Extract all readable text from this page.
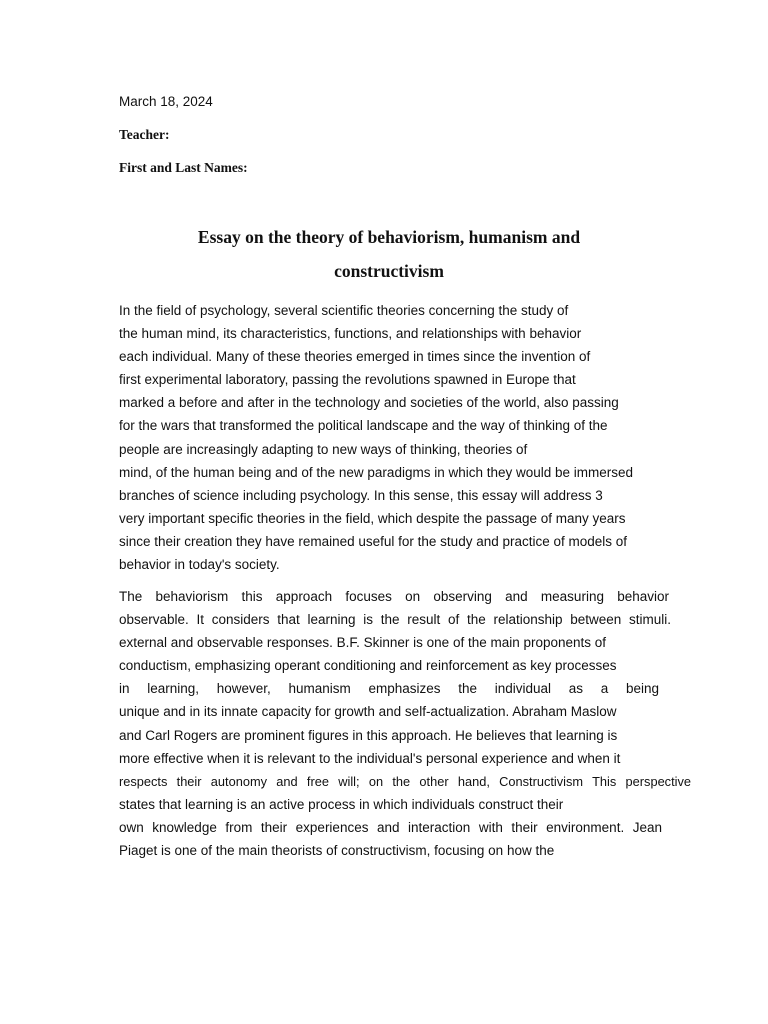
March 18, 2024
Teacher:
First and Last Names:
Essay on the theory of behaviorism, humanism and
constructivism
In the field of psychology, several scientific theories concerning the study of
the human mind, its characteristics, functions, and relationships with behavior
each individual. Many of these theories emerged in times since the invention of
first experimental laboratory, passing the revolutions spawned in Europe that
marked a before and after in the technology and societies of the world, also passing
for the wars that transformed the political landscape and the way of thinking of the
people are increasingly adapting to new ways of thinking, theories of
mind, of the human being and of the new paradigms in which they would be immersed
branches of science including psychology. In this sense, this essay will address 3
very important specific theories in the field, which despite the passage of many years
since their creation they have remained useful for the study and practice of models of
behavior in today's society.
The behaviorism this approach focuses on observing and measuring behavior
observable. It considers that learning is the result of the relationship between stimuli.
external and observable responses. B.F. Skinner is one of the main proponents of
conductism, emphasizing operant conditioning and reinforcement as key processes
in learning, however, humanism emphasizes the individual as a being
unique and in its innate capacity for growth and self-actualization. Abraham Maslow
and Carl Rogers are prominent figures in this approach. He believes that learning is
more effective when it is relevant to the individual's personal experience and when it
respects their autonomy and free will; on the other hand, Constructivism This perspective
states that learning is an active process in which individuals construct their
own knowledge from their experiences and interaction with their environment. Jean
Piaget is one of the main theorists of constructivism, focusing on how the
